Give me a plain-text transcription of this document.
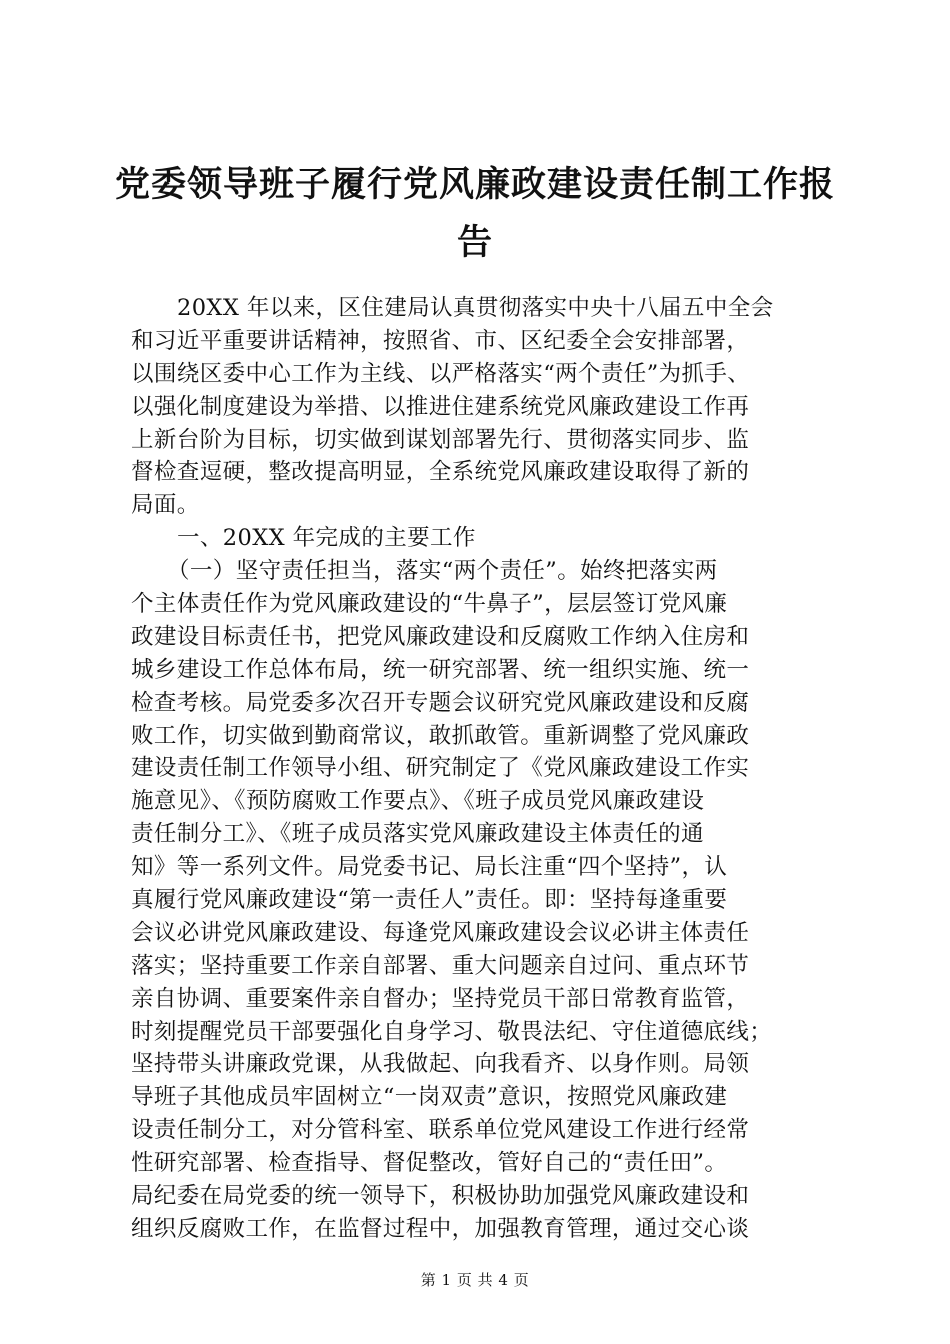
党委领导班子履行党风廉政建设责任制工作报
告
20XX 年以来，区住建局认真贯彻落实中央十八届五中全会
和习近平重要讲话精神，按照省、市、区纪委全会安排部署，
以围绕区委中心工作为主线、以严格落实“两个责任”为抓手、
以强化制度建设为举措、以推进住建系统党风廉政建设工作再
上新台阶为目标，切实做到谋划部署先行、贯彻落实同步、监
督检查逗硬，整改提高明显，全系统党风廉政建设取得了新的
局面。
一、20XX 年完成的主要工作
（一）坚守责任担当，落实“两个责任”。始终把落实两
个主体责任作为党风廉政建设的“牛鼻子”，层层签订党风廉
政建设目标责任书，把党风廉政建设和反腐败工作纳入住房和
城乡建设工作总体布局，统一研究部署、统一组织实施、统一
检查考核。局党委多次召开专题会议研究党风廉政建设和反腐
败工作，切实做到勤商常议，敢抓敢管。重新调整了党风廉政
建设责任制工作领导小组、研究制定了《党风廉政建设工作实
施意见》、《预防腐败工作要点》、《班子成员党风廉政建设
责任制分工》、《班子成员落实党风廉政建设主体责任的通
知》等一系列文件。局党委书记、局长注重“四个坚持”，认
真履行党风廉政建设“第一责任人”责任。即：坚持每逢重要
会议必讲党风廉政建设、每逢党风廉政建设会议必讲主体责任
落实；坚持重要工作亲自部署、重大问题亲自过问、重点环节
亲自协调、重要案件亲自督办；坚持党员干部日常教育监管，
时刻提醒党员干部要强化自身学习、敬畏法纪、守住道德底线；
坚持带头讲廉政党课，从我做起、向我看齐、以身作则。局领
导班子其他成员牢固树立“一岗双责”意识，按照党风廉政建
设责任制分工，对分管科室、联系单位党风建设工作进行经常
性研究部署、检查指导、督促整改，管好自己的“责任田”。
局纪委在局党委的统一领导下，积极协助加强党风廉政建设和
组织反腐败工作，在监督过程中，加强教育管理，通过交心谈
第 1 页 共 4 页
